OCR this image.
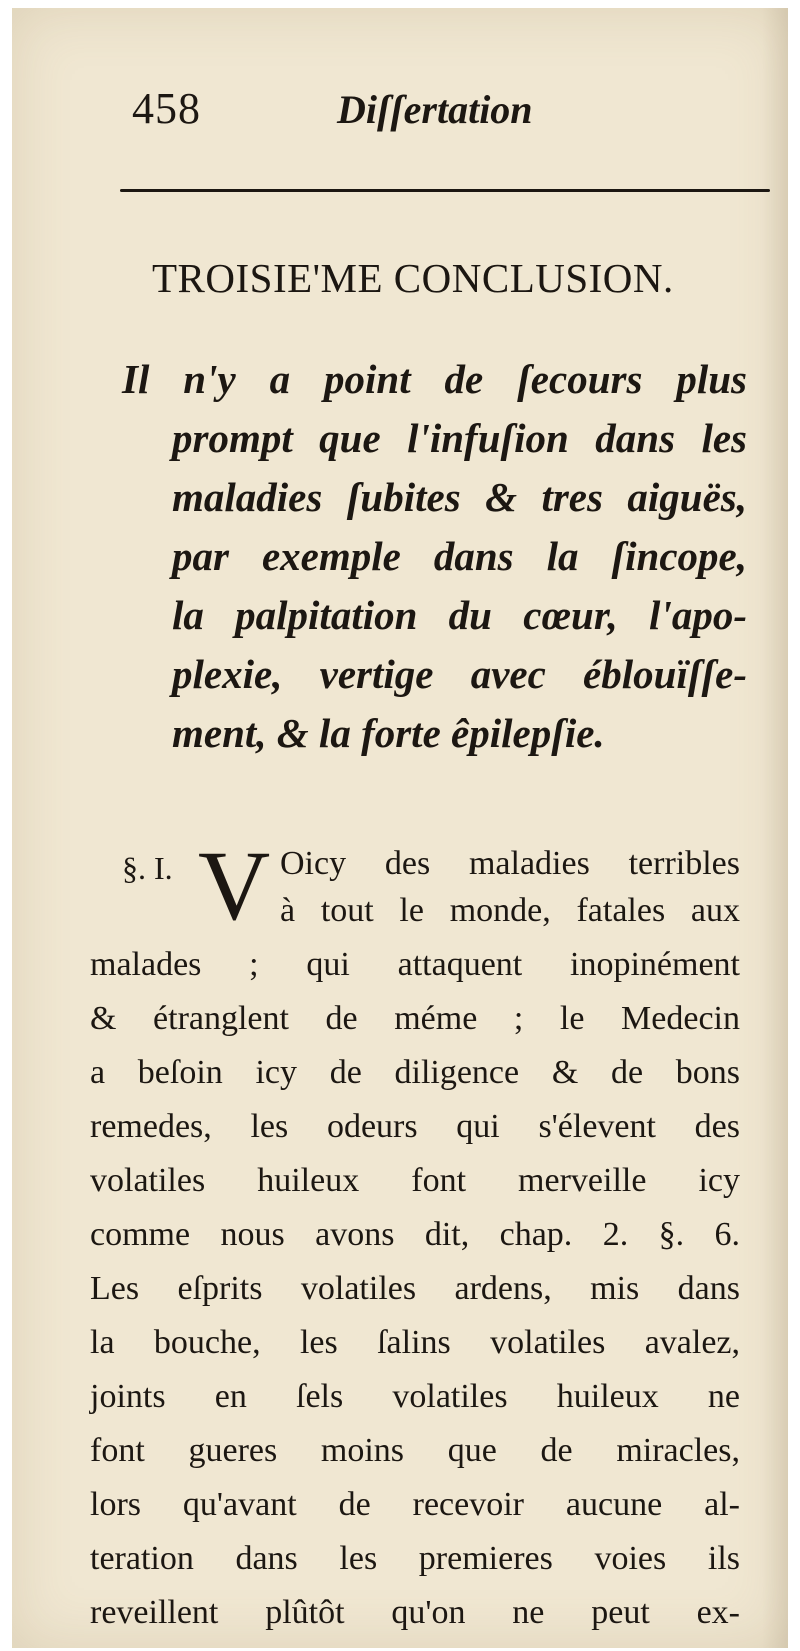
458	Diſſertation
TROISIE'ME CONCLUSION.
Il n'y a point de ſecours plus
prompt que l'infuſion dans les
maladies ſubites & tres aiguës,
par exemple dans la ſincope,
la palpitation du cœur, l'apo-
plexie, vertige avec éblouïſſe-
ment, & la forte êpilepſie.
§. I. V Oicy des maladies terribles
à tout le monde, fatales aux
malades ; qui attaquent inopinément
& étranglent de méme ; le Medecin
a beſoin icy de diligence & de bons
remedes, les odeurs qui s'élevent des
volatiles huileux font merveille icy
comme nous avons dit, chap. 2. §. 6.
Les eſprits volatiles ardens, mis dans
la bouche, les ſalins volatiles avalez,
joints en ſels volatiles huileux ne
font gueres moins que de miracles,
lors qu'avant de recevoir aucune al-
teration dans les premieres voies ils
reveillent plûtôt qu'on ne peut ex-
